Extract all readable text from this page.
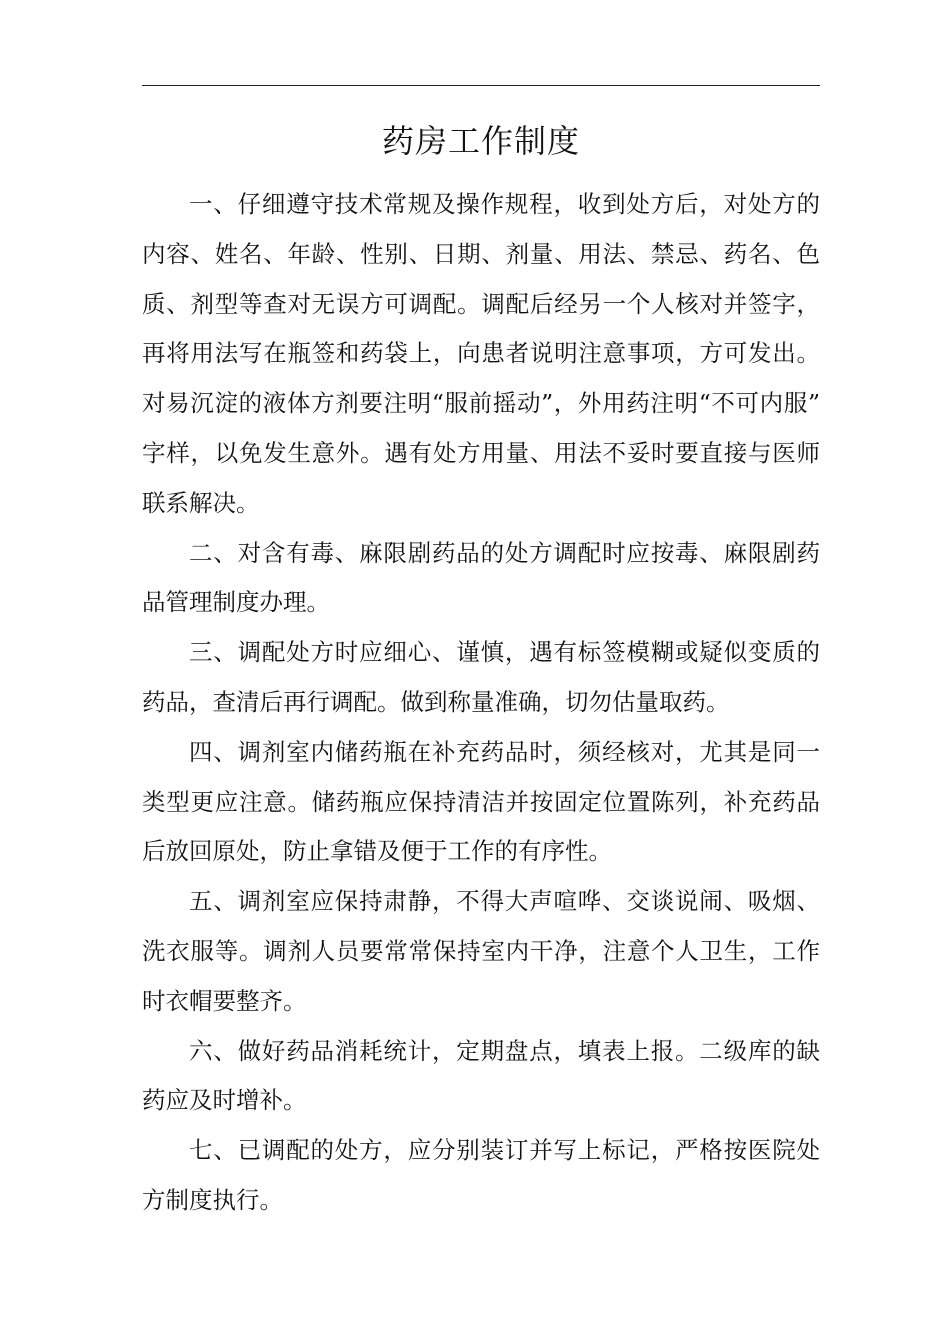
药房工作制度

一、仔细遵守技术常规及操作规程，收到处方后，对处方的内容、姓名、年龄、性别、日期、剂量、用法、禁忌、药名、色质、剂型等查对无误方可调配。调配后经另一个人核对并签字，再将用法写在瓶签和药袋上，向患者说明注意事项，方可发出。对易沉淀的液体方剂要注明“服前摇动”，外用药注明“不可内服”字样，以免发生意外。遇有处方用量、用法不妥时要直接与医师联系解决。

二、对含有毒、麻限剧药品的处方调配时应按毒、麻限剧药品管理制度办理。

三、调配处方时应细心、谨慎，遇有标签模糊或疑似变质的药品，查清后再行调配。做到称量准确，切勿估量取药。

四、调剂室内储药瓶在补充药品时，须经核对，尤其是同一类型更应注意。储药瓶应保持清洁并按固定位置陈列，补充药品后放回原处，防止拿错及便于工作的有序性。

五、调剂室应保持肃静，不得大声喧哗、交谈说闹、吸烟、洗衣服等。调剂人员要常常保持室内干净，注意个人卫生，工作时衣帽要整齐。

六、做好药品消耗统计，定期盘点，填表上报。二级库的缺药应及时增补。

七、已调配的处方，应分别装订并写上标记，严格按医院处方制度执行。
